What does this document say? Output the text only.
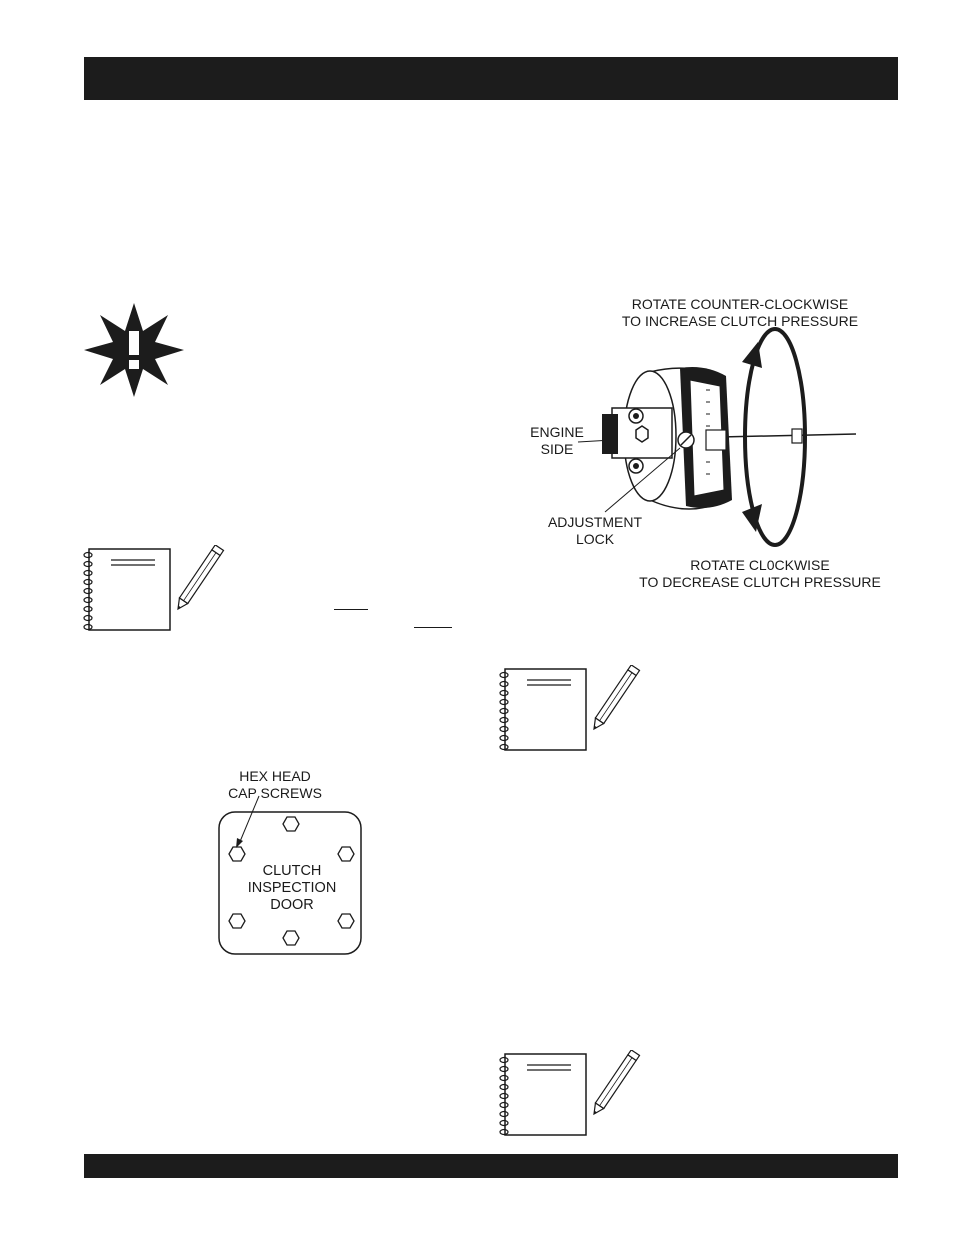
ROTATE COUNTER-CLOCKWISE
TO INCREASE CLUTCH PRESSURE
ENGINE
SIDE
ADJUSTMENT
LOCK
ROTATE CL0CKWISE
TO DECREASE CLUTCH PRESSURE
HEX HEAD
CAP SCREWS
CLUTCH
INSPECTION
DOOR
